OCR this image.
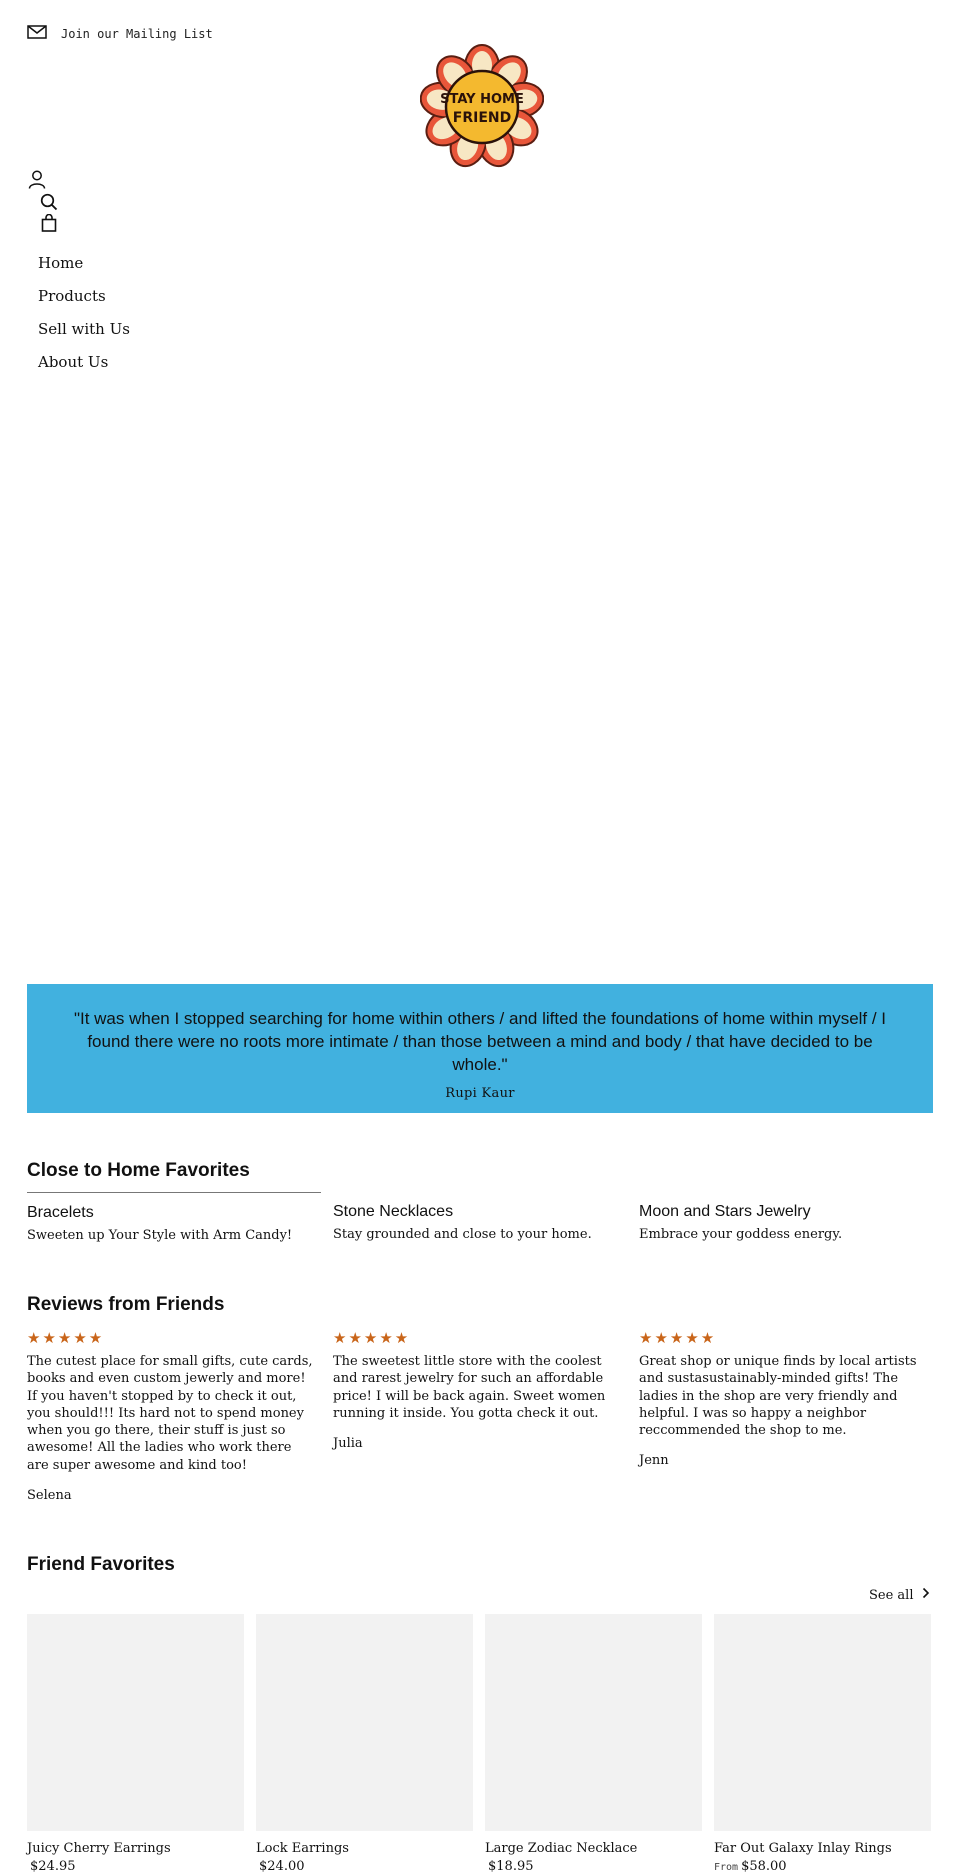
Join our Mailing List
STAY HOME
FRIEND
Home
Products
Sell with Us
About Us

"It was when I stopped searching for home within others / and lifted the foundations of home within myself / I found there were no roots more intimate / than those between a mind and body / that have decided to be whole."

Rupi Kaur

Close to Home Favorites
Bracelets
Sweeten up Your Style with Arm Candy!
Stone Necklaces
Stay grounded and close to your home.
Moon and Stars Jewelry
Embrace your goddess energy.
Reviews from Friends
★★★★★

The cutest place for small gifts, cute cards, books and even custom jewerly and more! If you haven't stopped by to check it out, you should!!! Its hard not to spend money when you go there, their stuff is just so awesome! All the ladies who work there are super awesome and kind too!

Selena

★★★★★

The sweetest little store with the coolest and rarest jewelry for such an affordable price! I will be back again. Sweet women running it inside. You gotta check it out.

Julia

★★★★★

Great shop or unique finds by local artists and sustasustainably-minded gifts! The ladies in the shop are very friendly and helpful. I was so happy a neighbor reccommended the shop to me.

Jenn

Friend Favorites
See all
Juicy Cherry Earrings
$24.95
Lock Earrings
$24.00
Large Zodiac Necklace
$18.95
Far Out Galaxy Inlay Rings
From $58.00
